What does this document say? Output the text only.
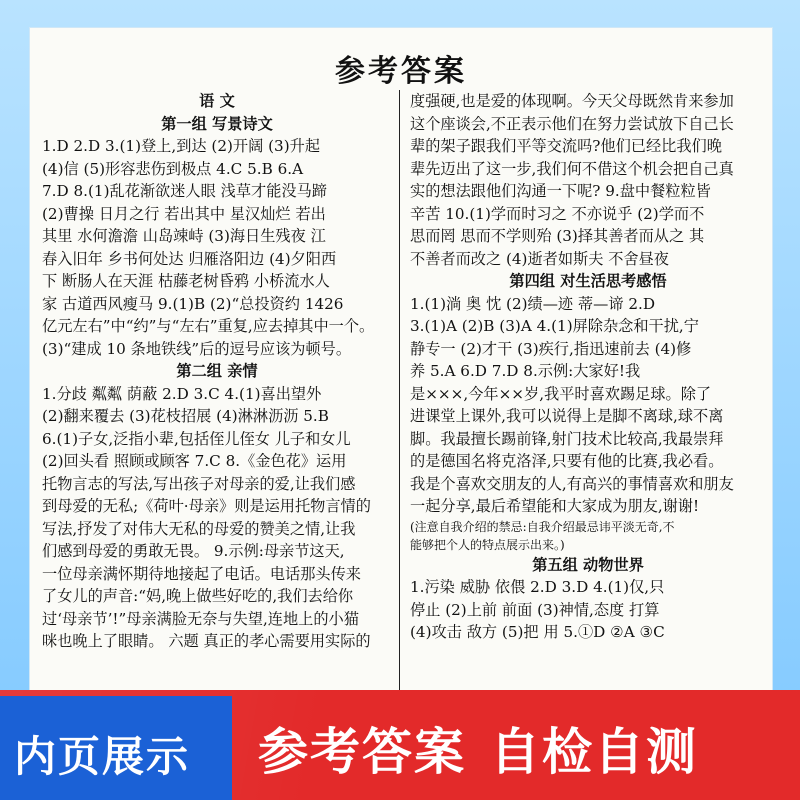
参考答案

语 文

第一组 写景诗文

1.D 2.D 3.(1)登上,到达 (2)开阔 (3)升起

(4)信 (5)形容悲伤到极点 4.C 5.B 6.A

7.D 8.(1)乱花渐欲迷人眼 浅草才能没马蹄

(2)曹操 日月之行 若出其中 星汉灿烂 若出

其里 水何澹澹 山岛竦峙 (3)海日生残夜 江

春入旧年 乡书何处达 归雁洛阳边 (4)夕阳西

下 断肠人在天涯 枯藤老树昏鸦 小桥流水人

家 古道西风瘦马 9.(1)B (2)“总投资约 1426

亿元左右”中“约”与“左右”重复,应去掉其中一个。

(3)“建成 10 条地铁线”后的逗号应该为顿号。

第二组 亲情

1.分歧 粼粼 荫蔽 2.D 3.C 4.(1)喜出望外

(2)翻来覆去 (3)花枝招展 (4)淋淋沥沥 5.B

6.(1)子女,泛指小辈,包括侄儿侄女 儿子和女儿

(2)回头看 照顾或顾客 7.C 8.《金色花》运用

托物言志的写法,写出孩子对母亲的爱,让我们感

到母爱的无私;《荷叶·母亲》则是运用托物言情的

写法,抒发了对伟大无私的母爱的赞美之情,让我

们感到母爱的勇敢无畏。 9.示例:母亲节这天,

一位母亲满怀期待地接起了电话。电话那头传来

了女儿的声音:“妈,晚上做些好吃的,我们去给你

过‘母亲节’!”母亲满脸无奈与失望,连地上的小猫

咪也晚上了眼睛。 六题 真正的孝心需要用实际的

度强硬,也是爱的体现啊。今天父母既然肯来参加

这个座谈会,不正表示他们在努力尝试放下自己长

辈的架子跟我们平等交流吗?他们已经比我们晚

辈先迈出了这一步,我们何不借这个机会把自己真

实的想法跟他们沟通一下呢? 9.盘中餐粒粒皆

辛苦 10.(1)学而时习之 不亦说乎 (2)学而不

思而罔 思而不学则殆 (3)择其善者而从之 其

不善者而改之 (4)逝者如斯夫 不舍昼夜

第四组 对生活思考感悟

1.(1)淌 奥 忱 (2)绩—迹 蒂—谛 2.D

3.(1)A (2)B (3)A 4.(1)屏除杂念和干扰,宁

静专一 (2)才干 (3)疾行,指迅速前去 (4)修

养 5.A 6.D 7.D 8.示例:大家好!我

是×××,今年××岁,我平时喜欢踢足球。除了

进课堂上课外,我可以说得上是脚不离球,球不离

脚。我最擅长踢前锋,射门技术比较高,我最崇拜

的是德国名将克洛泽,只要有他的比赛,我必看。

我是个喜欢交朋友的人,有高兴的事情喜欢和朋友

一起分享,最后希望能和大家成为朋友,谢谢!

(注意自我介绍的禁忌:自我介绍最忌讳平淡无奇,不

能够把个人的特点展示出来。)

第五组 动物世界

1.污染 威胁 依偎 2.D 3.D 4.(1)仅,只

停止 (2)上前 前面 (3)神情,态度 打算

(4)攻击 敌方 (5)把 用 5.①D ②A ③C

内页展示 参考答案 自检自测
